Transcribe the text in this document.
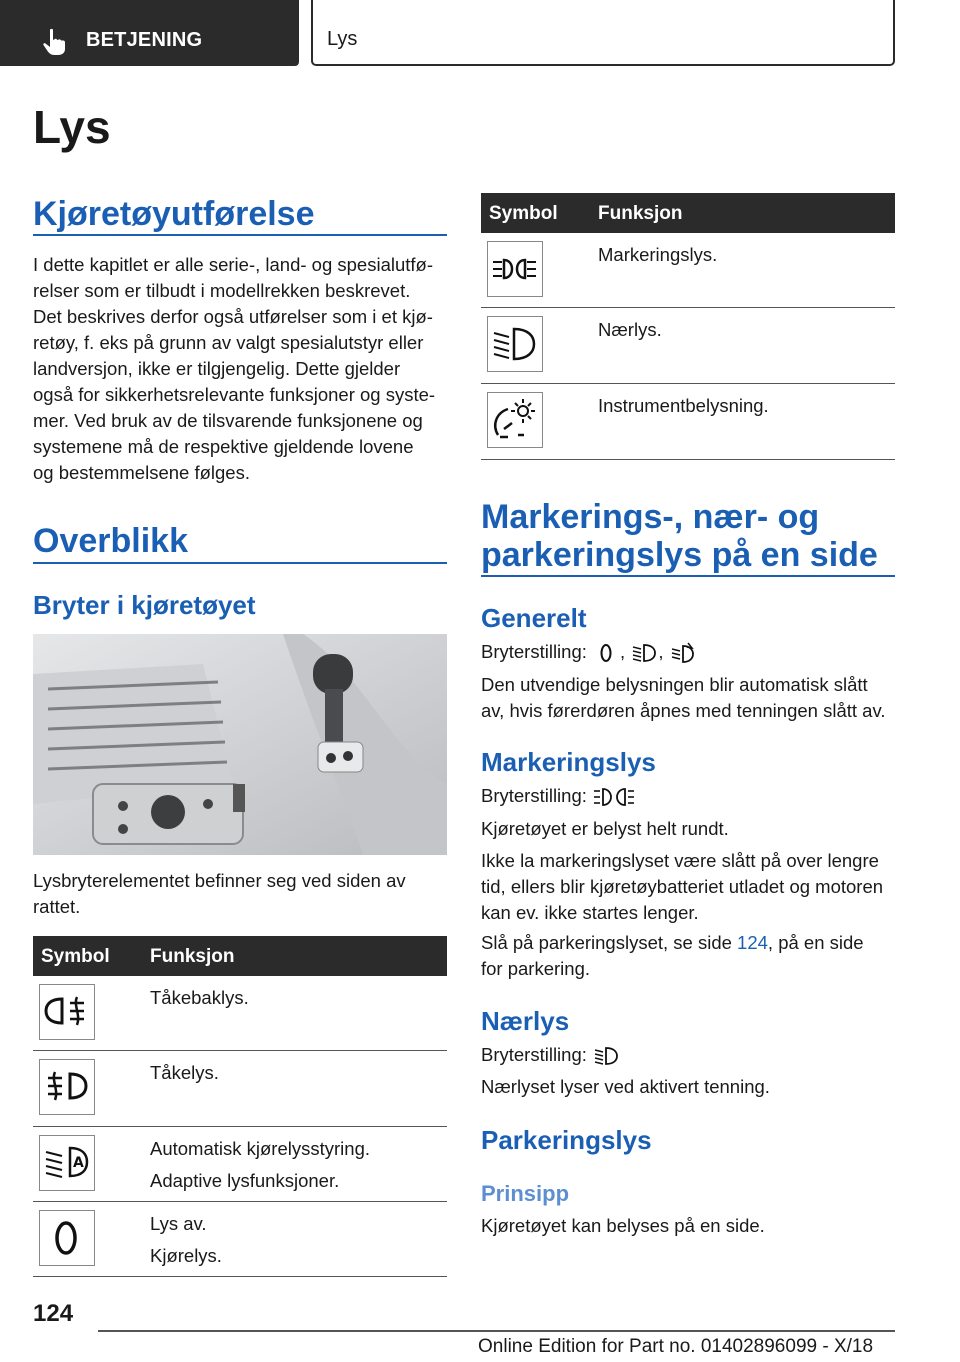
BETJENING	Lys
Lys
Kjøretøyutførelse
I dette kapitlet er alle serie-, land- og spesialutfø-
relser som er tilbudt i modellrekken beskrevet.
Det beskrives derfor også utførelser som i et kjø-
retøy, f. eks på grunn av valgt spesialutstyr eller
landversjon, ikke er tilgjengelig. Dette gjelder
også for sikkerhetsrelevante funksjoner og syste-
mer. Ved bruk av de tilsvarende funksjonene og
systemene må de respektive gjeldende lovene
og bestemmelsene følges.
Overblikk
Bryter i kjøretøyet
Lysbryterelementet befinner seg ved siden av
rattet.
Symbol Funksjon

Tåkebaklys.

Tåkelys.

A

Automatisk kjørelysstyring.

Adaptive lysfunksjoner.

Lys av.

Kjørelys.

Symbol Funksjon

Markeringslys.

Nærlys.

Instrumentbelysning.

Markerings-, nær- og
parkeringslys på en side
Generelt
Bryterstilling: , ,
Den utvendige belysningen blir automatisk slått
av, hvis førerdøren åpnes med tenningen slått av.
Markeringslys
Bryterstilling:
Kjøretøyet er belyst helt rundt.
Ikke la markeringslyset være slått på over lengre
tid, ellers blir kjøretøybatteriet utladet og motoren
kan ev. ikke startes lenger.
Slå på parkeringslyset, se side 124, på en side
for parkering.
Nærlys
Bryterstilling:
Nærlyset lyser ved aktivert tenning.
Parkeringslys
Prinsipp
Kjøretøyet kan belyses på en side.
124
Online Edition for Part no. 01402896099 - X/18
